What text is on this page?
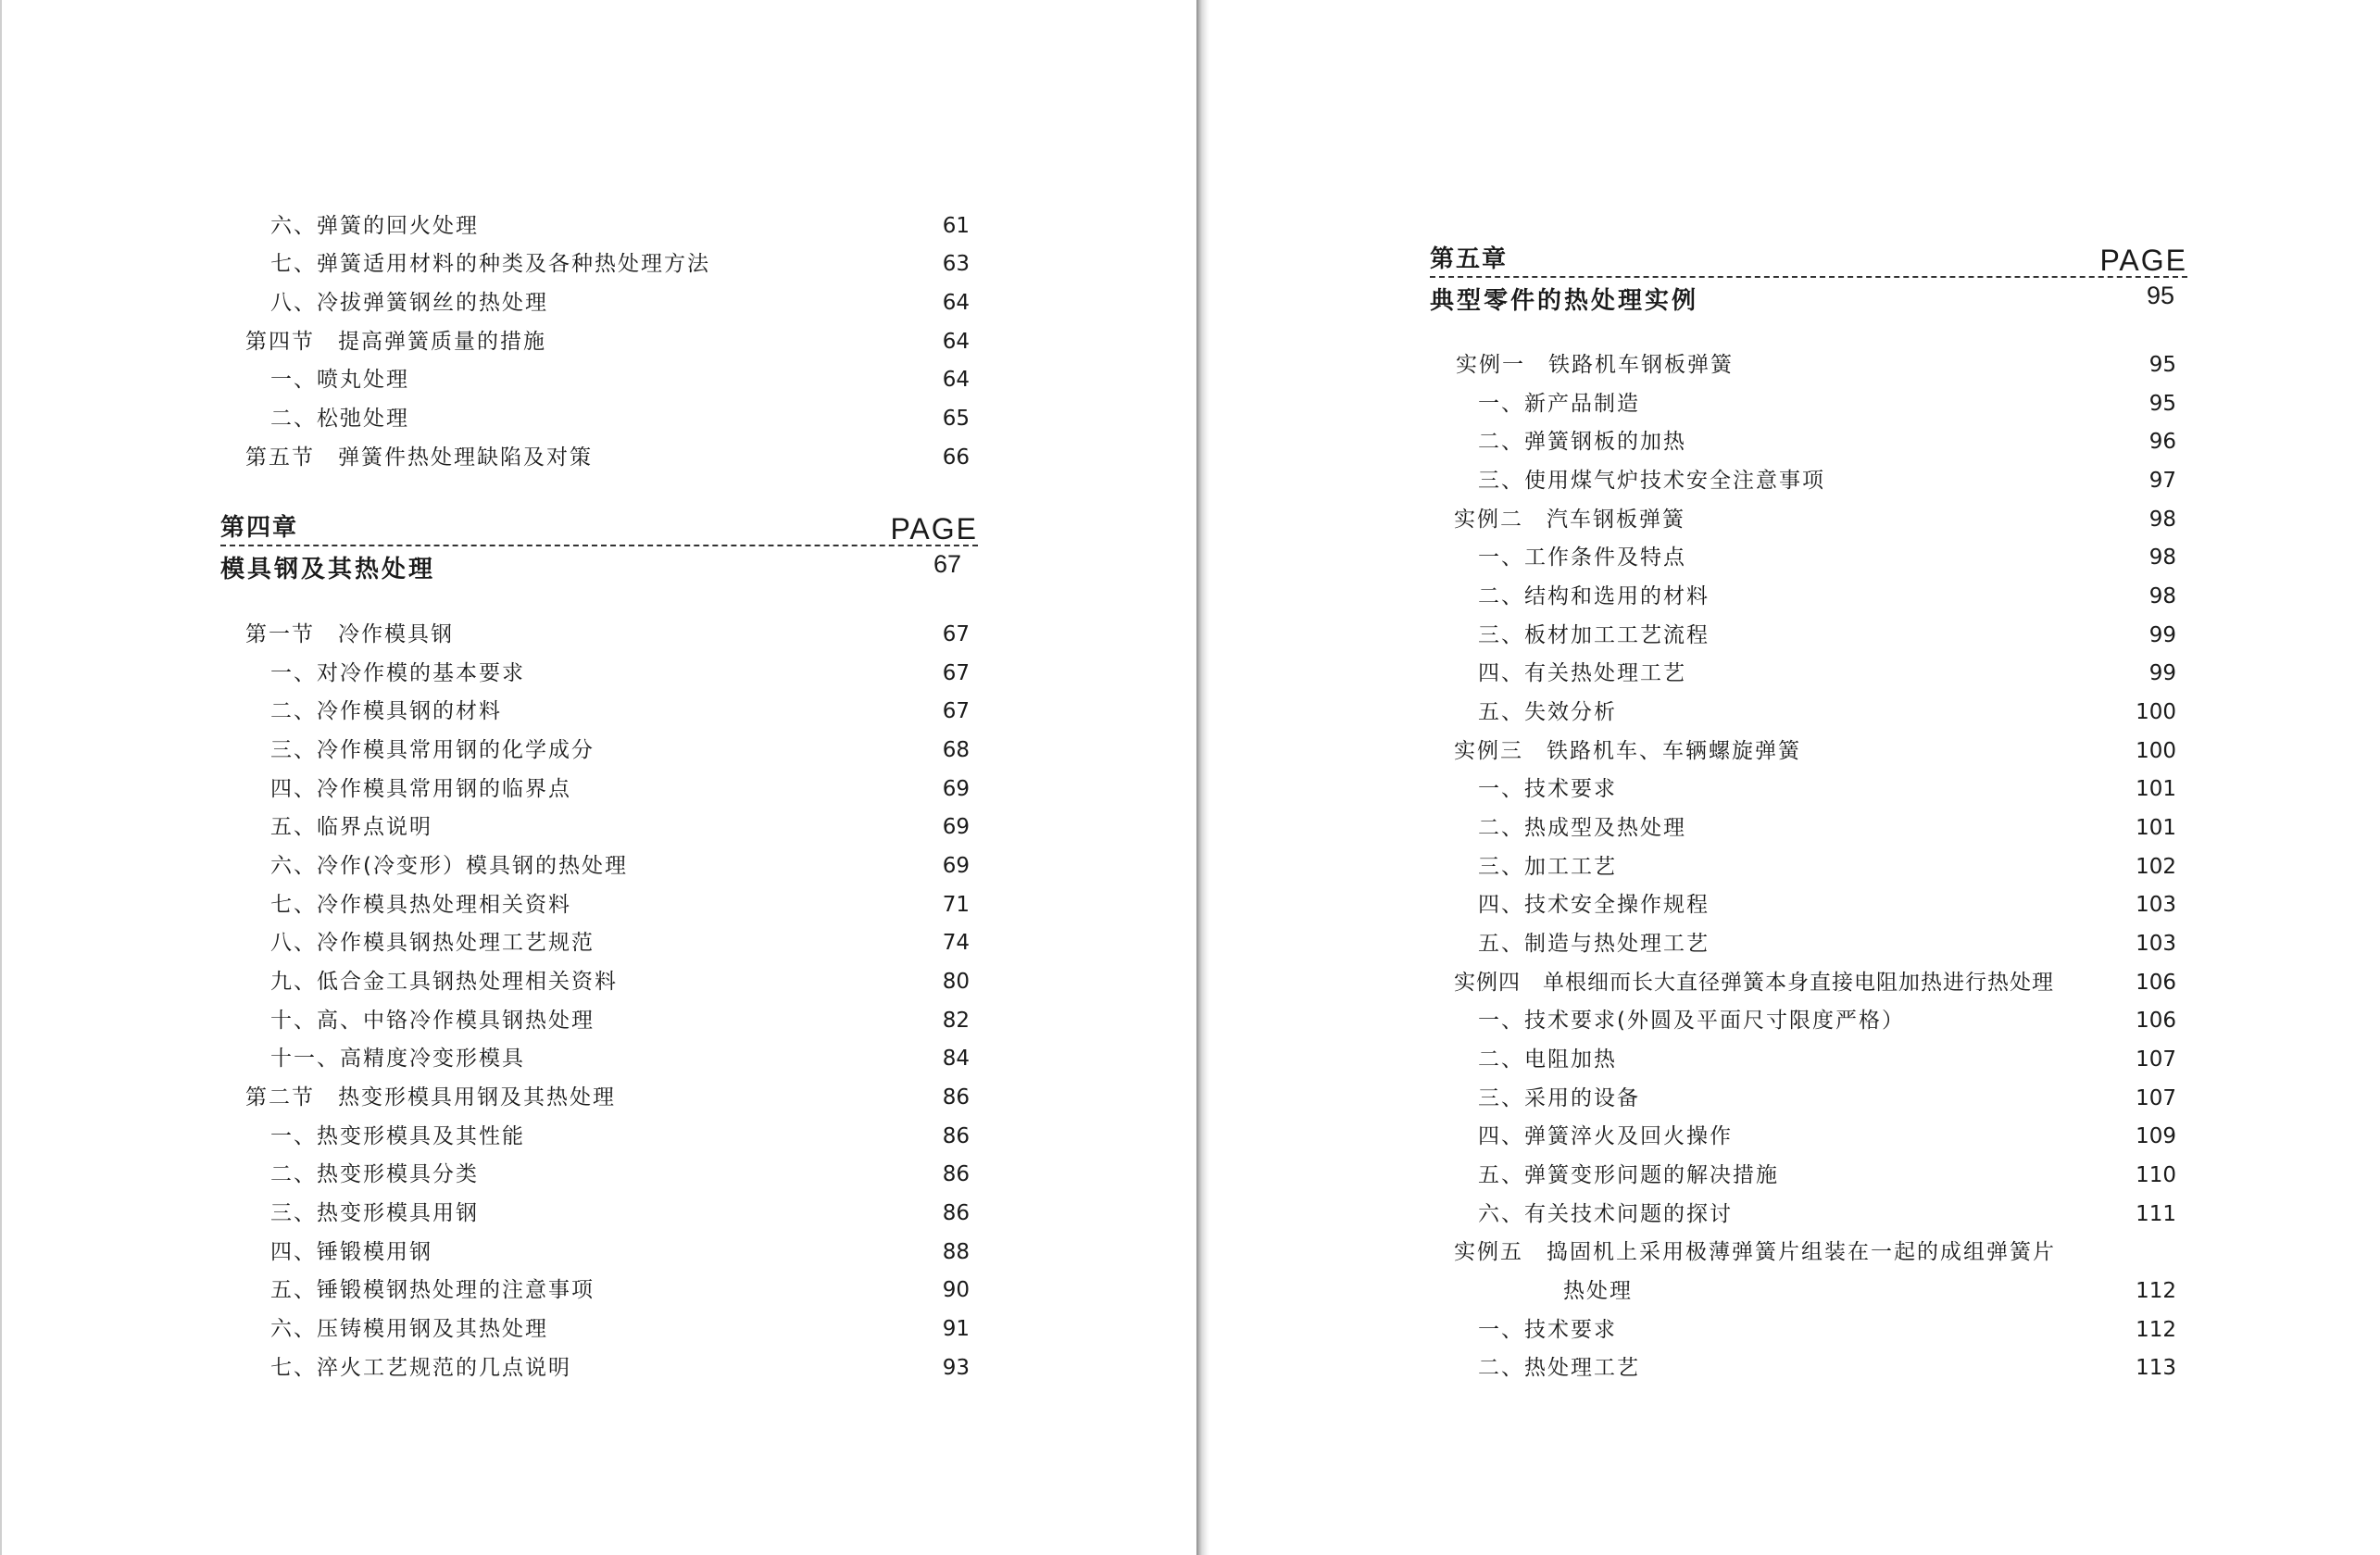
六、弹簧的回火处理	61
七、弹簧适用材料的种类及各种热处理方法	63
八、冷拔弹簧钢丝的热处理	64
第四节　提高弹簧质量的措施	64
一、喷丸处理	64
二、松弛处理	65
第五节　弹簧件热处理缺陷及对策	66
第四章	PAGE
模具钢及其热处理	67
第一节　冷作模具钢	67
一、对冷作模的基本要求	67
二、冷作模具钢的材料	67
三、冷作模具常用钢的化学成分	68
四、冷作模具常用钢的临界点	69
五、临界点说明	69
六、冷作(冷变形）模具钢的热处理	69
七、冷作模具热处理相关资料	71
八、冷作模具钢热处理工艺规范	74
九、低合金工具钢热处理相关资料	80
十、高、中铬冷作模具钢热处理	82
十一、高精度冷变形模具	84
第二节　热变形模具用钢及其热处理	86
一、热变形模具及其性能	86
二、热变形模具分类	86
三、热变形模具用钢	86
四、锤锻模用钢	88
五、锤锻模钢热处理的注意事项	90
六、压铸模用钢及其热处理	91
七、淬火工艺规范的几点说明	93
第五章	PAGE
典型零件的热处理实例	95
实例一　铁路机车钢板弹簧	95
一、新产品制造	95
二、弹簧钢板的加热	96
三、使用煤气炉技术安全注意事项	97
实例二　汽车钢板弹簧	98
一、工作条件及特点	98
二、结构和选用的材料	98
三、板材加工工艺流程	99
四、有关热处理工艺	99
五、失效分析	100
实例三　铁路机车、车辆螺旋弹簧	100
一、技术要求	101
二、热成型及热处理	101
三、加工工艺	102
四、技术安全操作规程	103
五、制造与热处理工艺	103
实例四　单根细而长大直径弹簧本身直接电阻加热进行热处理	106
一、技术要求(外圆及平面尺寸限度严格）	106
二、电阻加热	107
三、采用的设备	107
四、弹簧淬火及回火操作	109
五、弹簧变形问题的解决措施	110
六、有关技术问题的探讨	111
实例五　捣固机上采用极薄弹簧片组装在一起的成组弹簧片
热处理	112
一、技术要求	112
二、热处理工艺	113
